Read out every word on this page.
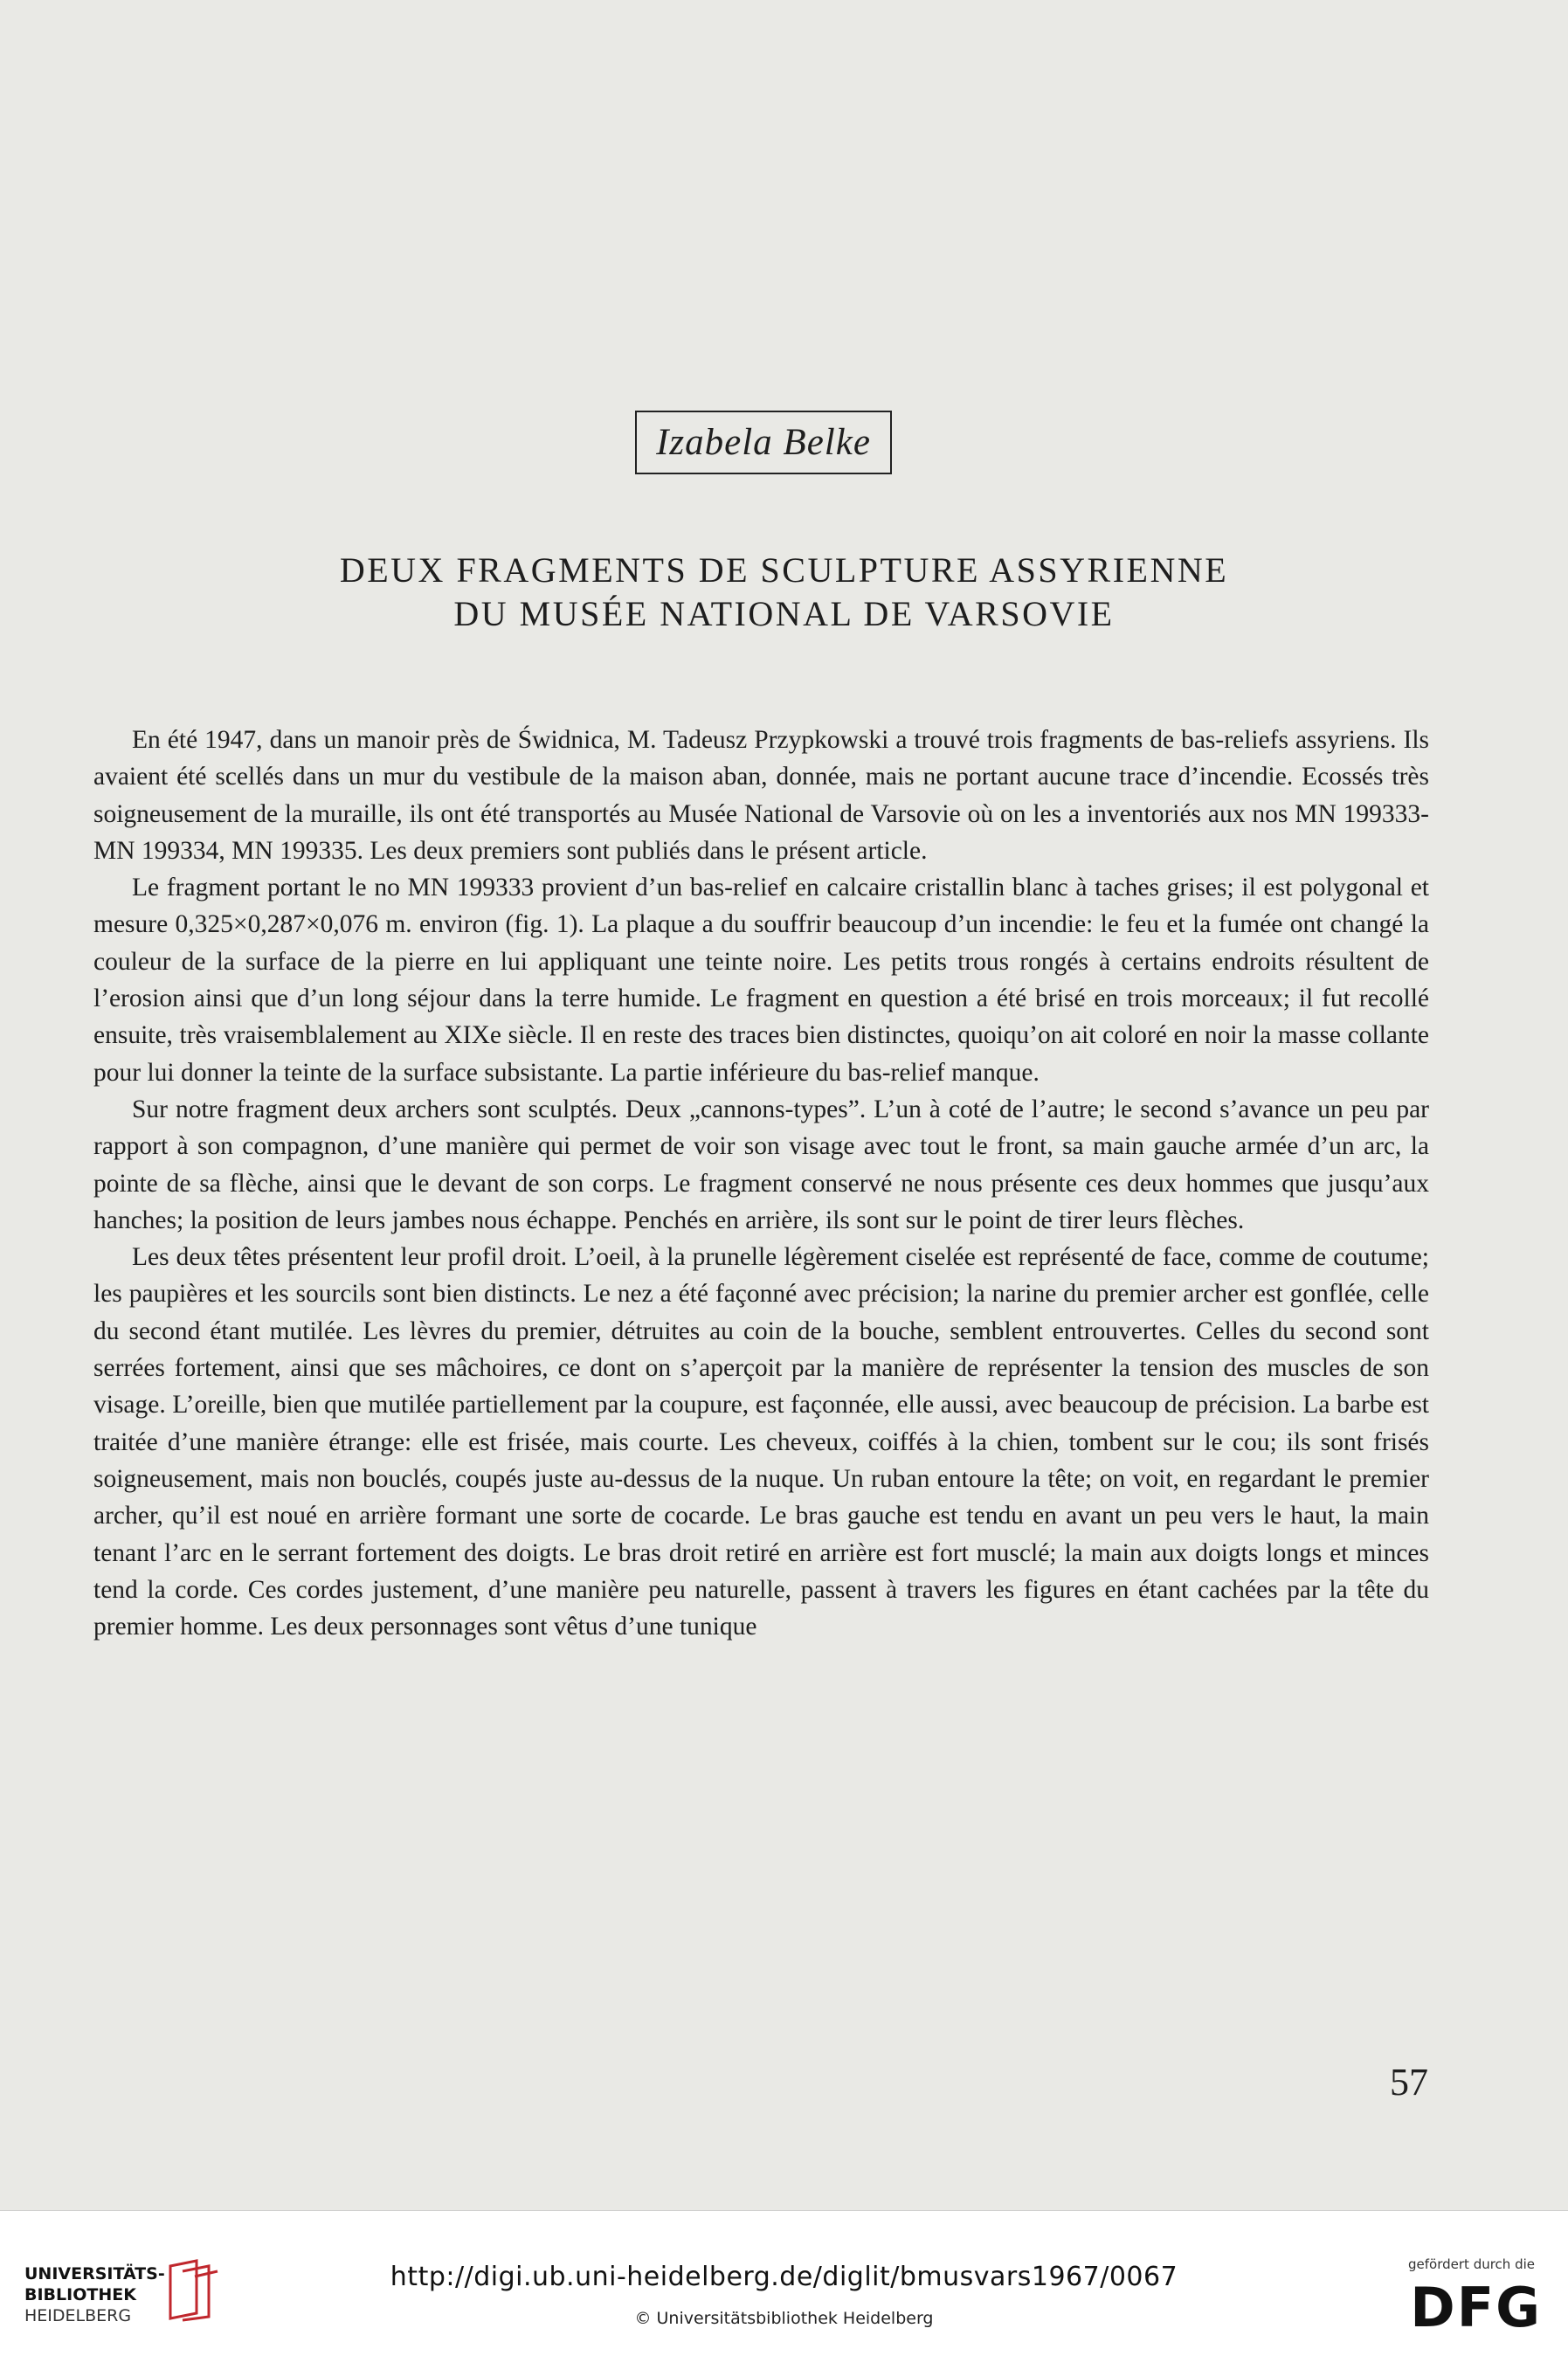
Izabela Belke
DEUX FRAGMENTS DE SCULPTURE ASSYRIENNE
DU MUSÉE NATIONAL DE VARSOVIE

En été 1947, dans un manoir près de Świdnica, M. Tadeusz Przypkowski a trouvé trois fragments de bas-reliefs assyriens. Ils avaient été scellés dans un mur du vestibule de la maison aban, donnée, mais ne portant aucune trace d’incendie. Ecossés très soigneusement de la muraille, ils ont été transportés au Musée National de Varsovie où on les a inventoriés aux nos MN 199333-MN 199334, MN 199335. Les deux premiers sont publiés dans le présent article.

Le fragment portant le no MN 199333 provient d’un bas-relief en calcaire cristallin blanc à taches grises; il est polygonal et mesure 0,325×0,287×0,076 m. environ (fig. 1). La plaque a du souffrir beaucoup d’un incendie: le feu et la fumée ont changé la couleur de la surface de la pierre en lui appliquant une teinte noire. Les petits trous rongés à certains endroits résultent de l’erosion ainsi que d’un long séjour dans la terre humide. Le fragment en question a été brisé en trois morceaux; il fut recollé ensuite, très vraisemblalement au XIXe siècle. Il en reste des traces bien distinctes, quoiqu’on ait coloré en noir la masse collante pour lui donner la teinte de la surface subsistante. La partie inférieure du bas-relief manque.

Sur notre fragment deux archers sont sculptés. Deux „cannons-types”. L’un à coté de l’autre; le second s’avance un peu par rapport à son compagnon, d’une manière qui permet de voir son visage avec tout le front, sa main gauche armée d’un arc, la pointe de sa flèche, ainsi que le devant de son corps. Le fragment conservé ne nous présente ces deux hommes que jusqu’aux hanches; la position de leurs jambes nous échappe. Penchés en arrière, ils sont sur le point de tirer leurs flèches.

Les deux têtes présentent leur profil droit. L’oeil, à la prunelle légèrement ciselée est représenté de face, comme de coutume; les paupières et les sourcils sont bien distincts. Le nez a été façonné avec précision; la narine du premier archer est gonflée, celle du second étant mutilée. Les lèvres du premier, détruites au coin de la bouche, semblent entrouvertes. Celles du second sont serrées fortement, ainsi que ses mâchoires, ce dont on s’aperçoit par la manière de représenter la tension des muscles de son visage. L’oreille, bien que mutilée partiellement par la coupure, est façonnée, elle aussi, avec beaucoup de précision. La barbe est traitée d’une manière étrange: elle est frisée, mais courte. Les cheveux, coiffés à la chien, tombent sur le cou; ils sont frisés soigneusement, mais non bouclés, coupés juste au-dessus de la nuque. Un ruban entoure la tête; on voit, en regardant le premier archer, qu’il est noué en arrière formant une sorte de cocarde. Le bras gauche est tendu en avant un peu vers le haut, la main tenant l’arc en le serrant fortement des doigts. Le bras droit retiré en arrière est fort musclé; la main aux doigts longs et minces tend la corde. Ces cordes justement, d’une manière peu naturelle, passent à travers les figures en étant cachées par la tête du premier homme. Les deux personnages sont vêtus d’une tunique

57
UNIVERSITÄTS-
BIBLIOTHEK
HEIDELBERG
http://digi.ub.uni-heidelberg.de/diglit/bmusvars1967/0067
© Universitätsbibliothek Heidelberg
gefördert durch die
DFG
